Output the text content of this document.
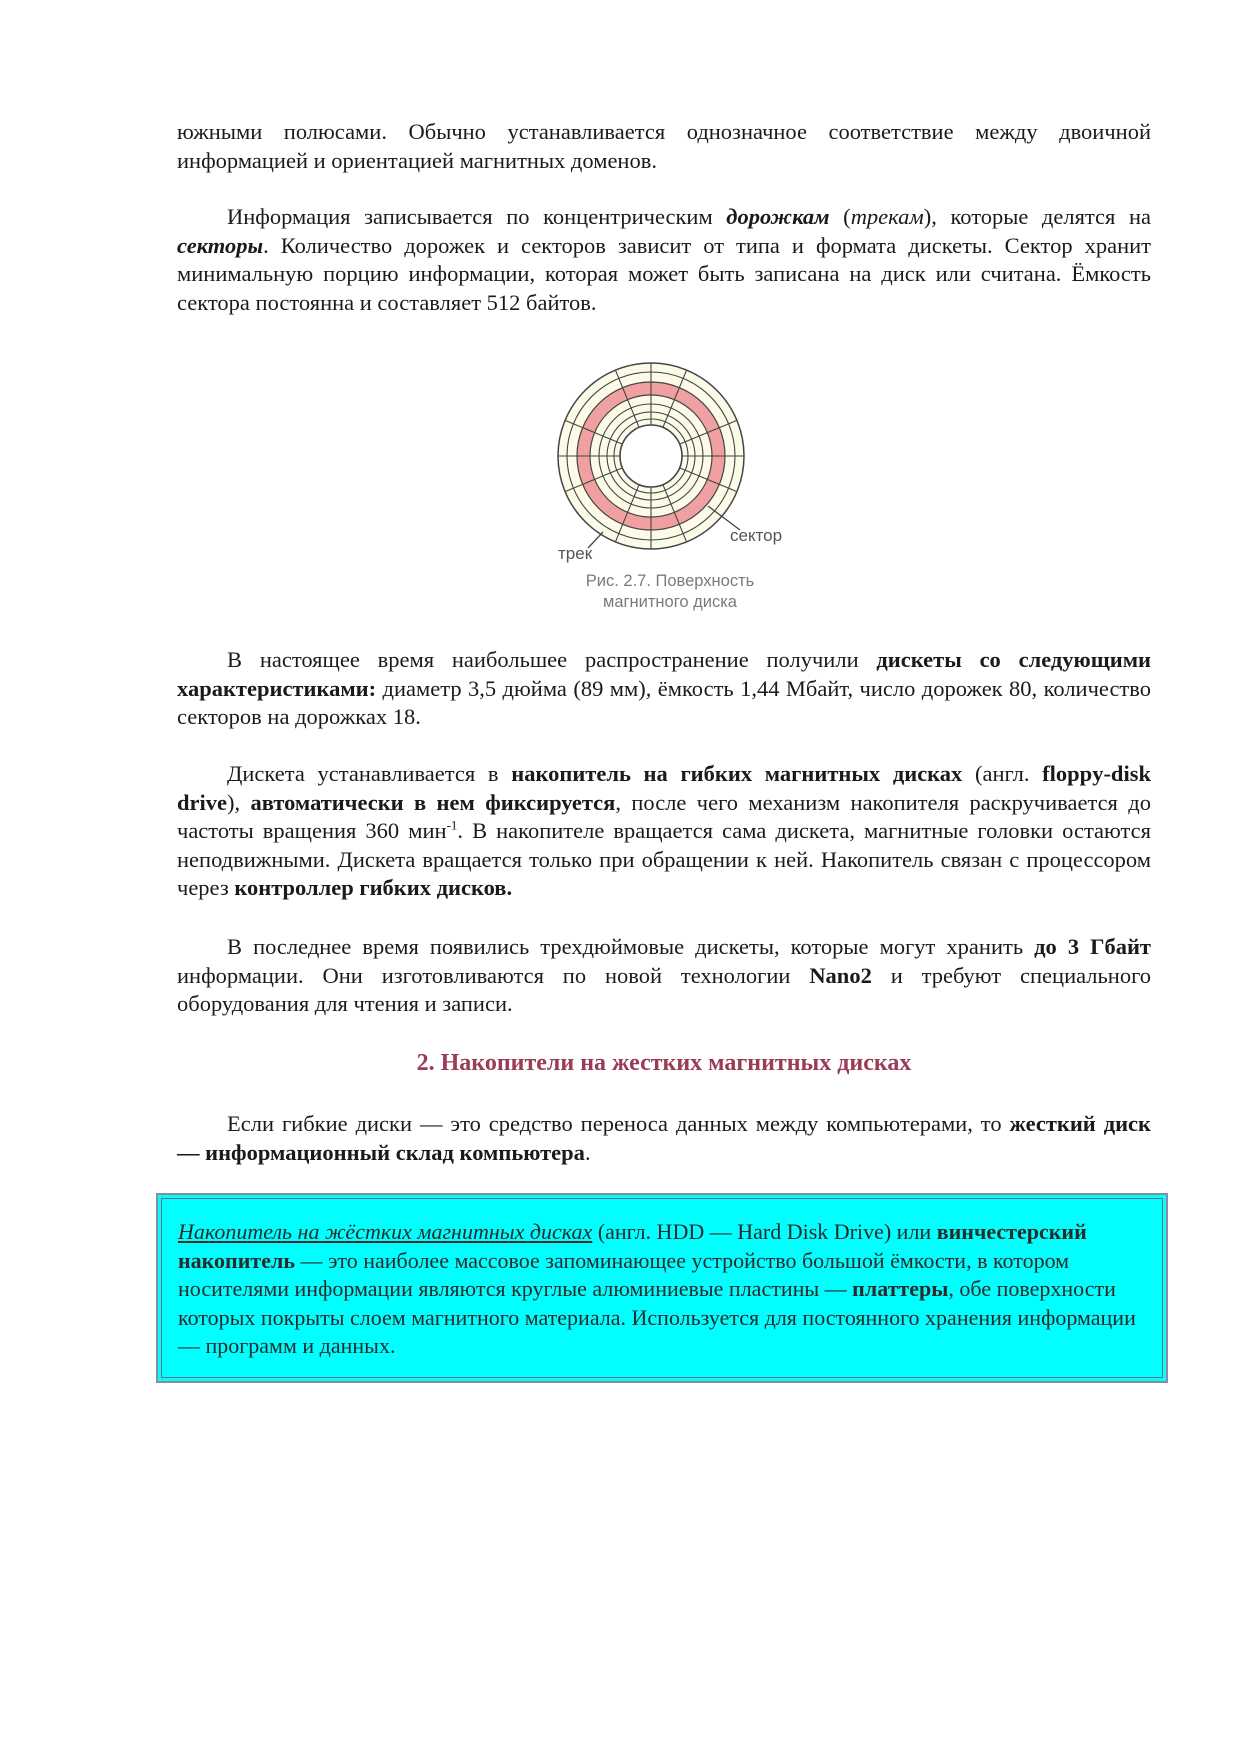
южными полюсами. Обычно устанавливается однозначное соответствие между двоичной информацией и ориентацией магнитных доменов.

Информация записывается по концентрическим дорожкам (трекам), которые делятся на секторы. Количество дорожек и секторов зависит от типа и формата дискеты. Сектор хранит минимальную порцию информации, которая может быть записана на диск или считана. Ёмкость сектора постоянна и составляет 512 байтов.

сектор
трек
Рис. 2.7. Поверхность
магнитного диска

В настоящее время наибольшее распространение получили дискеты со следующими характеристиками: диаметр 3,5 дюйма (89 мм), ёмкость 1,44 Мбайт, число дорожек 80, количество секторов на дорожках 18.

Дискета устанавливается в накопитель на гибких магнитных дисках (англ. floppy-disk drive), автоматически в нем фиксируется, после чего механизм накопителя раскручивается до частоты вращения 360 мин$^{-1}$. В накопителе вращается сама дискета, магнитные головки остаются неподвижными. Дискета вращается только при обращении к ней. Накопитель связан с процессором через контроллер гибких дисков.

В последнее время появились трехдюймовые дискеты, которые могут хранить до 3 Гбайт информации. Они изготовливаются по новой технологии Nano2 и требуют специального оборудования для чтения и записи.

2. Накопители на жестких магнитных дисках

Если гибкие диски — это средство переноса данных между компьютерами, то жесткий диск — информационный склад компьютера.

Накопитель на жёстких магнитных дисках (англ. HDD — Hard Disk Drive) или винчестерский накопитель — это наиболее массовое запоминающее устройство большой ёмкости, в котором носителями информации являются круглые алюминиевые пластины — платтеры, обе поверхности которых покрыты слоем магнитного материала. Используется для постоянного хранения информации — программ и данных.
